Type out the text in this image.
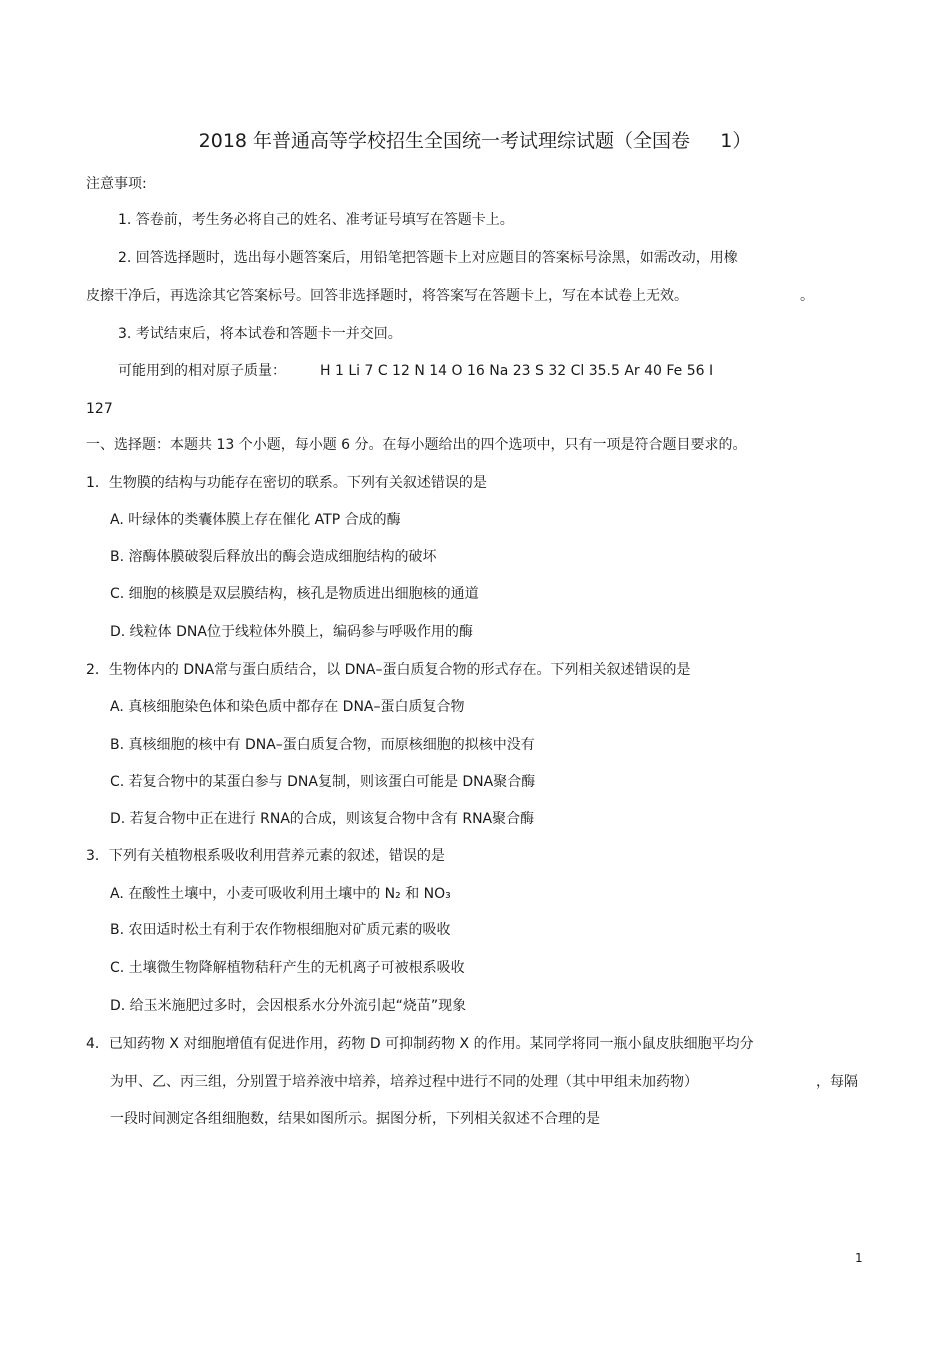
2018 年普通高等学校招生全国统一考试理综试题（全国卷     1）
注意事项:
1. 答卷前，考生务必将自己的姓名、准考证号填写在答题卡上。
2. 回答选择题时，选出每小题答案后，用铅笔把答题卡上对应题目的答案标号涂黑，如需改动，用橡
皮擦干净后，再选涂其它答案标号。回答非选择题时，将答案写在答题卡上，写在本试卷上无效。	。
3. 考试结束后，将本试卷和答题卡一并交回。
可能用到的相对原子质量： H 1 Li 7 C 12 N 14 O 16 Na 23 S 32 Cl 35.5 Ar 40 Fe 56 I
127
一、选择题：本题共 13 个小题，每小题 6 分。在每小题给出的四个选项中，只有一项是符合题目要求的。
1．生物膜的结构与功能存在密切的联系。下列有关叙述错误的是
A. 叶绿体的类囊体膜上存在催化 ATP 合成的酶
B. 溶酶体膜破裂后释放出的酶会造成细胞结构的破坏
C. 细胞的核膜是双层膜结构，核孔是物质进出细胞核的通道
D. 线粒体 DNA位于线粒体外膜上，编码参与呼吸作用的酶
2．生物体内的 DNA常与蛋白质结合，以 DNA–蛋白质复合物的形式存在。下列相关叙述错误的是
A. 真核细胞染色体和染色质中都存在 DNA–蛋白质复合物
B. 真核细胞的核中有 DNA–蛋白质复合物，而原核细胞的拟核中没有
C. 若复合物中的某蛋白参与 DNA复制，则该蛋白可能是 DNA聚合酶
D. 若复合物中正在进行 RNA的合成，则该复合物中含有 RNA聚合酶
3．下列有关植物根系吸收利用营养元素的叙述，错误的是
A. 在酸性土壤中，小麦可吸收利用土壤中的 N₂ 和 NO₃
B. 农田适时松土有利于农作物根细胞对矿质元素的吸收
C. 土壤微生物降解植物秸秆产生的无机离子可被根系吸收
D. 给玉米施肥过多时，会因根系水分外流引起“烧苗”现象
4．已知药物 X 对细胞增值有促进作用，药物 D 可抑制药物 X 的作用。某同学将同一瓶小鼠皮肤细胞平均分
为甲、乙、丙三组，分别置于培养液中培养，培养过程中进行不同的处理（其中甲组未加药物）	，每隔
一段时间测定各组细胞数，结果如图所示。据图分析，下列相关叙述不合理的是
1
